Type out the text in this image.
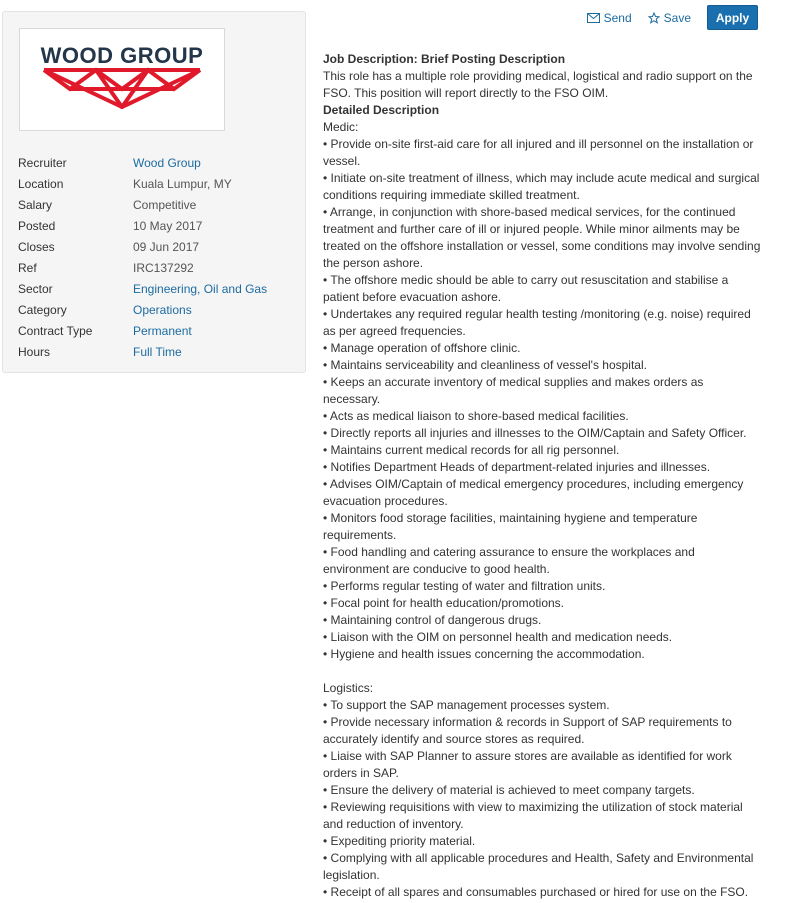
Send	Save	Apply
WOOD GROUP
Recruiter	Wood Group
Location	Kuala Lumpur, MY
Salary	Competitive
Posted	10 May 2017
Closes	09 Jun 2017
Ref	IRC137292
Sector	Engineering, Oil and Gas
Category	Operations
Contract Type	Permanent
Hours	Full Time

Job Description: Brief Posting Description

This role has a multiple role providing medical, logistical and radio support on the FSO. This position will report directly to the FSO OIM.

Detailed Description

Medic:

• Provide on-site first-aid care for all injured and ill personnel on the installation or vessel.

• Initiate on-site treatment of illness, which may include acute medical and surgical conditions requiring immediate skilled treatment.

• Arrange, in conjunction with shore-based medical services, for the continued treatment and further care of ill or injured people. While minor ailments may be treated on the offshore installation or vessel, some conditions may involve sending the person ashore.

• The offshore medic should be able to carry out resuscitation and stabilise a patient before evacuation ashore.

• Undertakes any required regular health testing /monitoring (e.g. noise) required as per agreed frequencies.

• Manage operation of offshore clinic.

• Maintains serviceability and cleanliness of vessel's hospital.

• Keeps an accurate inventory of medical supplies and makes orders as necessary.

• Acts as medical liaison to shore-based medical facilities.

• Directly reports all injuries and illnesses to the OIM/Captain and Safety Officer.

• Maintains current medical records for all rig personnel.

• Notifies Department Heads of department-related injuries and illnesses.

• Advises OIM/Captain of medical emergency procedures, including emergency evacuation procedures.

• Monitors food storage facilities, maintaining hygiene and temperature requirements.

• Food handling and catering assurance to ensure the workplaces and environment are conducive to good health.

• Performs regular testing of water and filtration units.

• Focal point for health education/promotions.

• Maintaining control of dangerous drugs.

• Liaison with the OIM on personnel health and medication needs.

• Hygiene and health issues concerning the accommodation.

Logistics:

• To support the SAP management processes system.

• Provide necessary information & records in Support of SAP requirements to accurately identify and source stores as required.

• Liaise with SAP Planner to assure stores are available as identified for work orders in SAP.

• Ensure the delivery of material is achieved to meet company targets.

• Reviewing requisitions with view to maximizing the utilization of stock material and reduction of inventory.

• Expediting priority material.

• Complying with all applicable procedures and Health, Safety and Environmental legislation.

• Receipt of all spares and consumables purchased or hired for use on the FSO.
